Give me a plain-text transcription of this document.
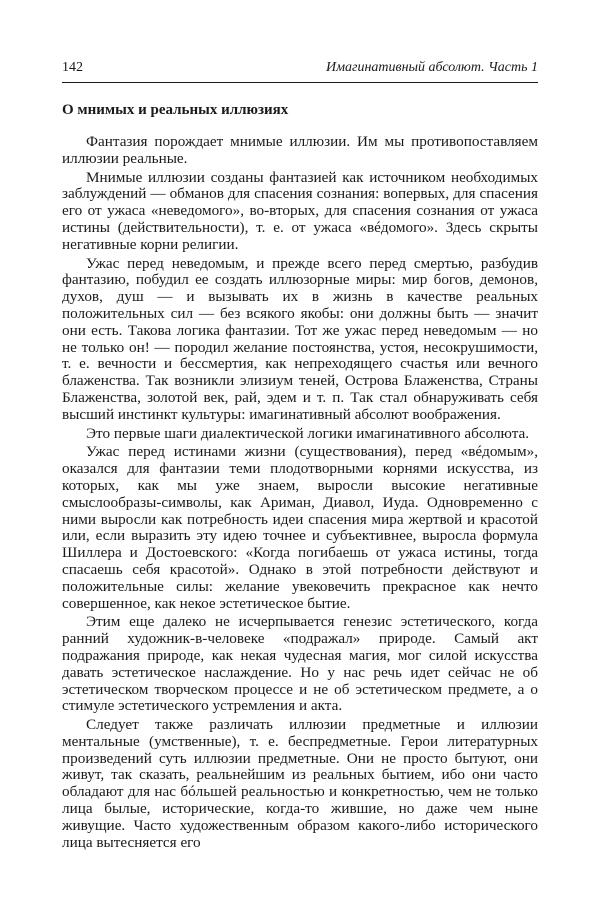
142	Имагинативный абсолют. Часть 1
О мнимых и реальных иллюзиях

Фантазия порождает мнимые иллюзии. Им мы противопоставляем иллюзии реальные.

Мнимые иллюзии созданы фантазией как источником необходимых заблуждений — обманов для спасения сознания: вопервых, для спасения его от ужаса «неведомого», во-вторых, для спасения сознания от ужаса истины (действительности), т. е. от ужаса «вéдомого». Здесь скрыты негативные корни религии.

Ужас перед неведомым, и прежде всего перед смертью, разбудив фантазию, побудил ее создать иллюзорные миры: мир богов, демонов, духов, душ — и вызывать их в жизнь в качестве реальных положительных сил — без всякого якобы: они должны быть — значит они есть. Такова логика фантазии. Тот же ужас перед неведомым — но не только он! — породил желание постоянства, устоя, несокрушимости, т. е. вечности и бессмертия, как непреходящего счастья или вечного блаженства. Так возникли элизиум теней, Острова Блаженства, Страны Блаженства, золотой век, рай, эдем и т. п. Так стал обнаруживать себя высший инстинкт культуры: имагинативный абсолют воображения.

Это первые шаги диалектической логики имагинативного абсолюта.

Ужас перед истинами жизни (существования), перед «вéдомым», оказался для фантазии теми плодотворными корнями искусства, из которых, как мы уже знаем, выросли высокие негативные смыслообразы-символы, как Ариман, Диавол, Иуда. Одновременно с ними выросли как потребность идеи спасения мира жертвой и красотой или, если выразить эту идею точнее и субъективнее, выросла формула Шиллера и Достоевского: «Когда погибаешь от ужаса истины, тогда спасаешь себя красотой». Однако в этой потребности действуют и положительные силы: желание увековечить прекрасное как нечто совершенное, как некое эстетическое бытие.

Этим еще далеко не исчерпывается генезис эстетического, когда ранний художник-в-человеке «подражал» природе. Самый акт подражания природе, как некая чудесная магия, мог силой искусства давать эстетическое наслаждение. Но у нас речь идет сейчас не об эстетическом творческом процессе и не об эстетическом предмете, а о стимуле эстетического устремления и акта.

Следует также различать иллюзии предметные и иллюзии ментальные (умственные), т. е. беспредметные. Герои литературных произведений суть иллюзии предметные. Они не просто бытуют, они живут, так сказать, реальнейшим из реальных бытием, ибо они часто обладают для нас бóльшей реальностью и конкретностью, чем не только лица былые, исторические, когда-то жившие, но даже чем ныне живущие. Часто художественным образом какого-либо исторического лица вытесняется его
